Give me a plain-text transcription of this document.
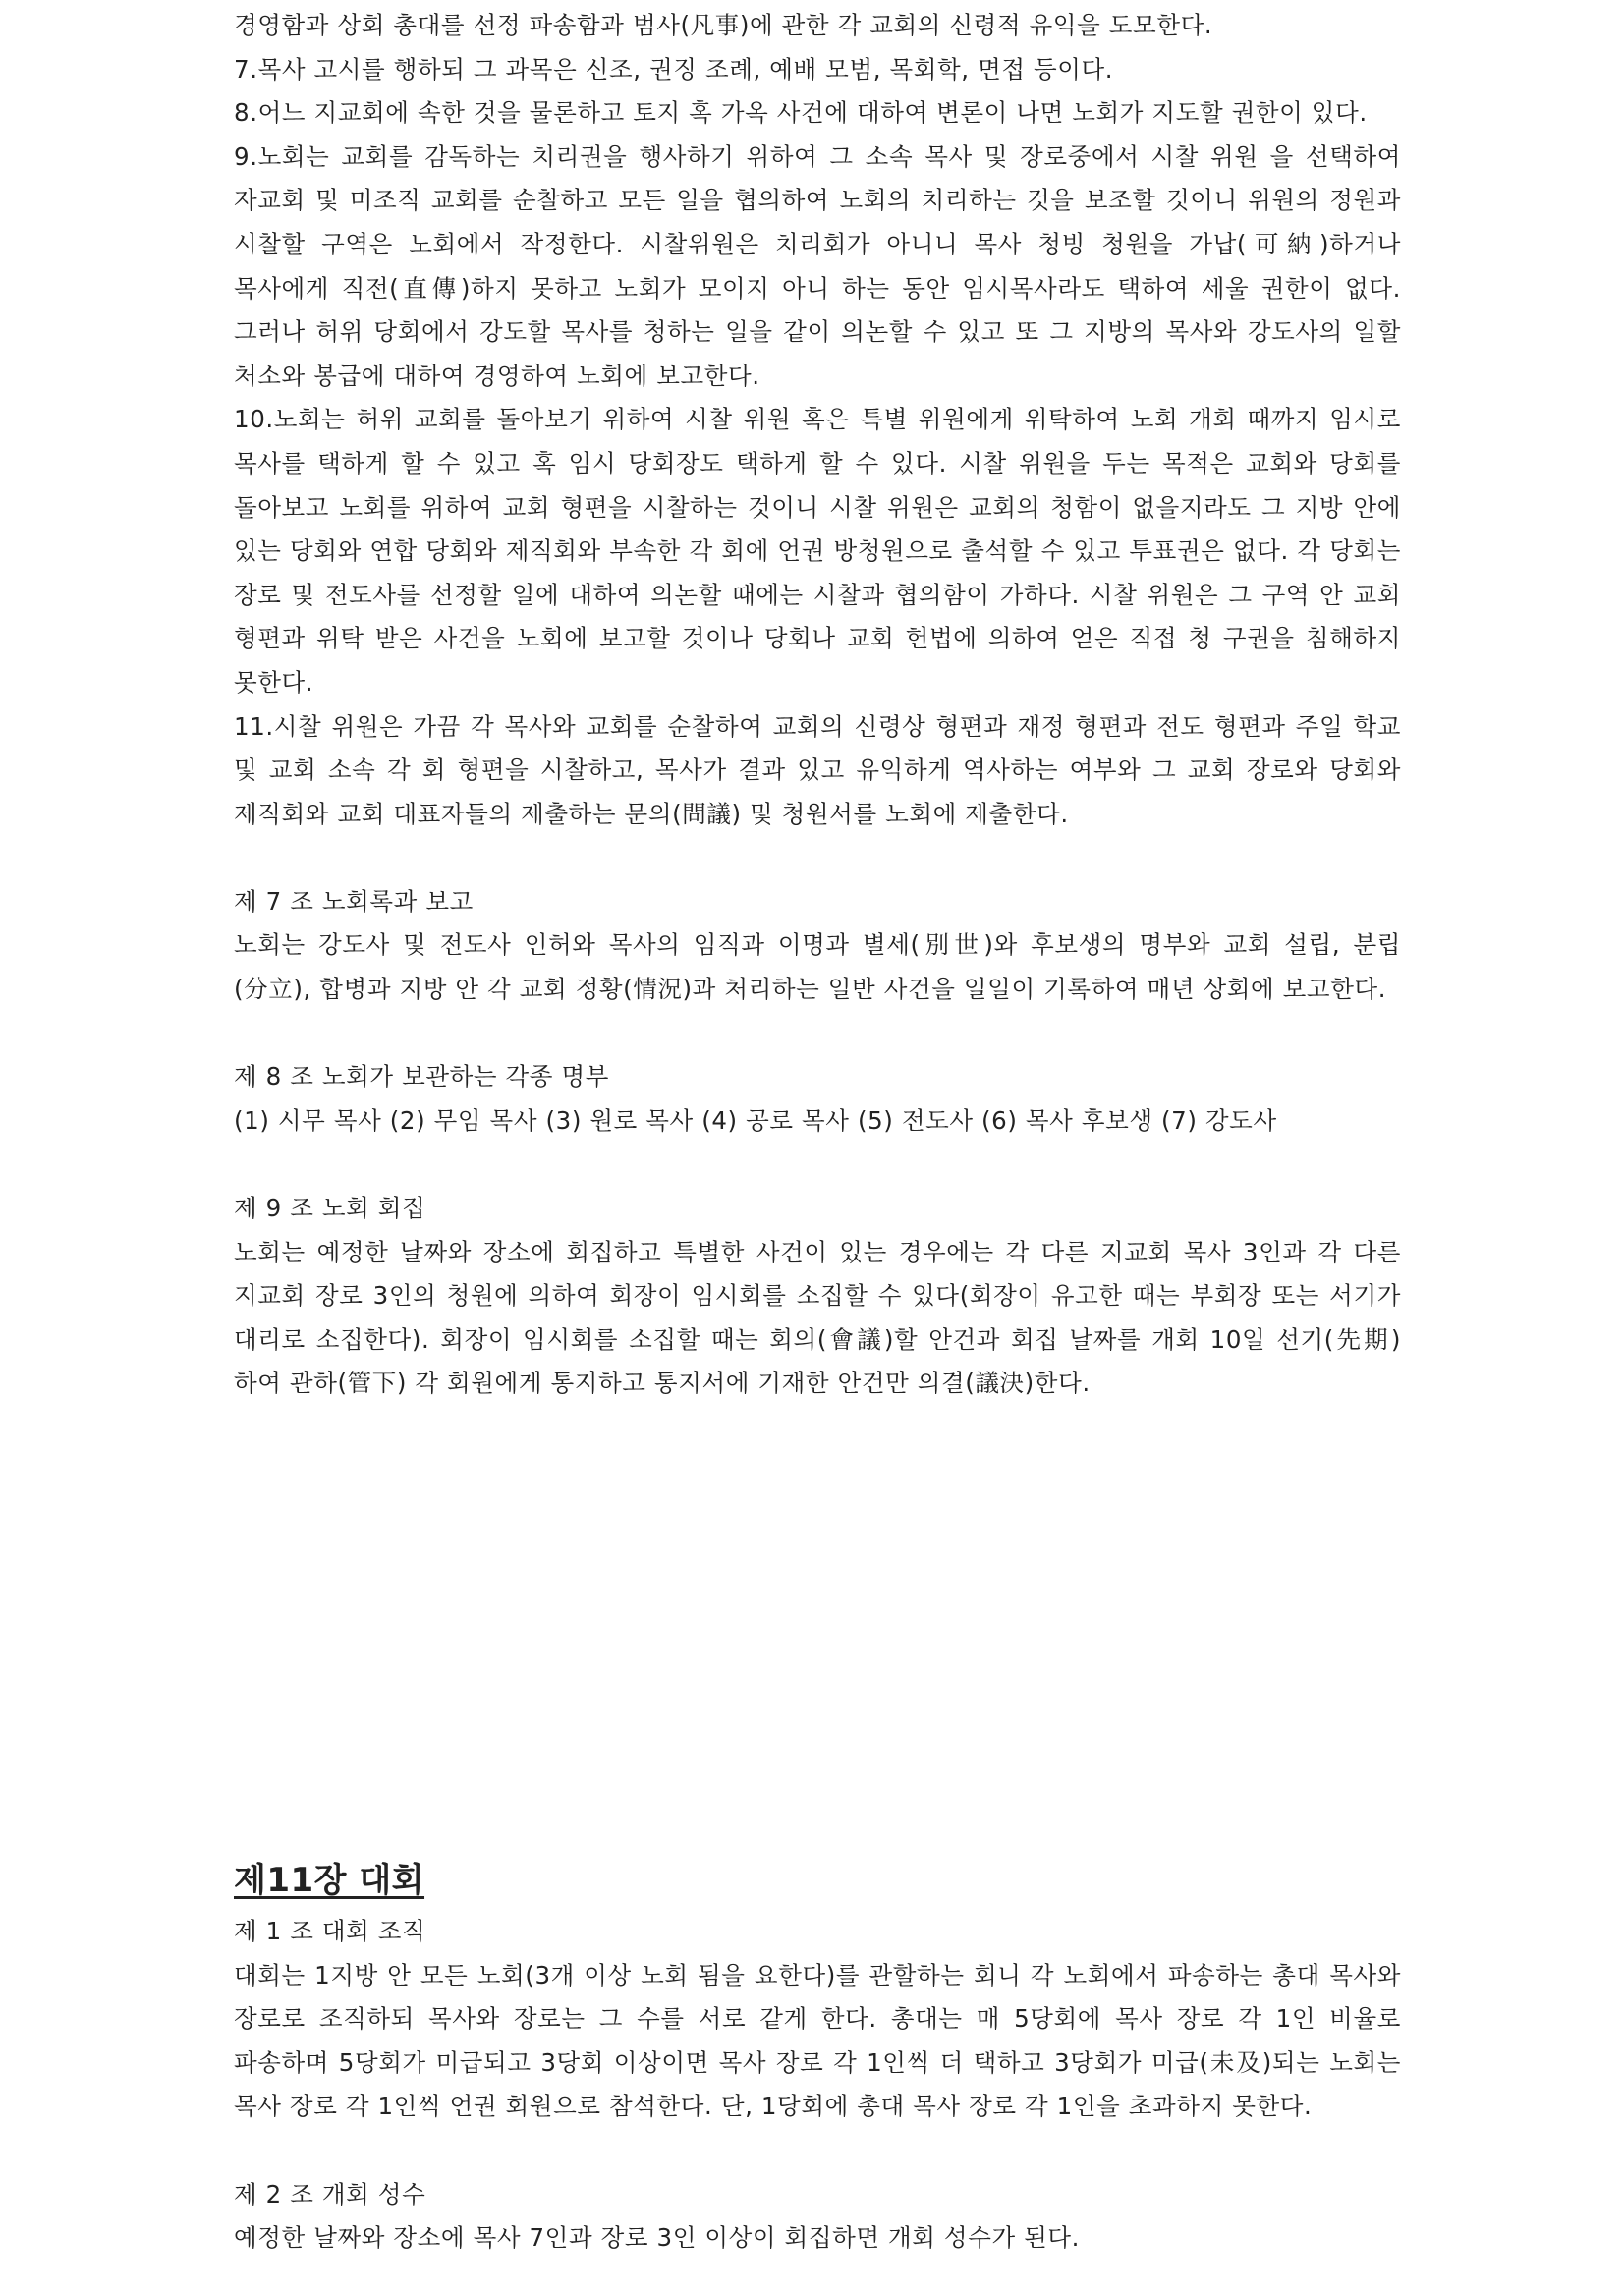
경영함과 상회 총대를 선정 파송함과 범사(凡事)에 관한 각 교회의 신령적 유익을 도모한다.

7.목사 고시를 행하되 그 과목은 신조, 권징 조례, 예배 모범, 목회학, 면접 등이다.

8.어느 지교회에 속한 것을 물론하고 토지 혹 가옥 사건에 대하여 변론이 나면 노회가 지도할 권한이 있다.

9.노회는 교회를 감독하는 치리권을 행사하기 위하여 그 소속 목사 및 장로중에서 시찰 위원 을 선택하여 자교회 및 미조직 교회를 순찰하고 모든 일을 협의하여 노회의 치리하는 것을 보조할 것이니 위원의 정원과 시찰할 구역은 노회에서 작정한다. 시찰위원은 치리회가 아니니 목사 청빙 청원을 가납(可納)하거나 목사에게 직전(直傳)하지 못하고 노회가 모이지 아니 하는 동안 임시목사라도 택하여 세울 권한이 없다. 그러나 허위 당회에서 강도할 목사를 청하는 일을 같이 의논할 수 있고 또 그 지방의 목사와 강도사의 일할 처소와 봉급에 대하여 경영하여 노회에 보고한다.

10.노회는 허위 교회를 돌아보기 위하여 시찰 위원 혹은 특별 위원에게 위탁하여 노회 개회 때까지 임시로 목사를 택하게 할 수 있고 혹 임시 당회장도 택하게 할 수 있다. 시찰 위원을 두는 목적은 교회와 당회를 돌아보고 노회를 위하여 교회 형편을 시찰하는 것이니 시찰 위원은 교회의 청함이 없을지라도 그 지방 안에 있는 당회와 연합 당회와 제직회와 부속한 각 회에 언권 방청원으로 출석할 수 있고 투표권은 없다. 각 당회는 장로 및 전도사를 선정할 일에 대하여 의논할 때에는 시찰과 협의함이 가하다. 시찰 위원은 그 구역 안 교회 형편과 위탁 받은 사건을 노회에 보고할 것이나 당회나 교회 헌법에 의하여 얻은 직접 청 구권을 침해하지 못한다.

11.시찰 위원은 가끔 각 목사와 교회를 순찰하여 교회의 신령상 형편과 재정 형편과 전도 형편과 주일 학교 및 교회 소속 각 회 형편을 시찰하고, 목사가 결과 있고 유익하게 역사하는 여부와 그 교회 장로와 당회와 제직회와 교회 대표자들의 제출하는 문의(問議) 및 청원서를 노회에 제출한다.

제 7 조 노회록과 보고

노회는 강도사 및 전도사 인허와 목사의 임직과 이명과 별세(別世)와 후보생의 명부와 교회 설립, 분립(分立), 합병과 지방 안 각 교회 정황(情況)과 처리하는 일반 사건을 일일이 기록하여 매년 상회에 보고한다.

제 8 조 노회가 보관하는 각종 명부

(1) 시무 목사 (2) 무임 목사 (3) 원로 목사 (4) 공로 목사 (5) 전도사 (6) 목사 후보생 (7) 강도사

제 9 조 노회 회집

노회는 예정한 날짜와 장소에 회집하고 특별한 사건이 있는 경우에는 각 다른 지교회 목사 3인과 각 다른 지교회 장로 3인의 청원에 의하여 회장이 임시회를 소집할 수 있다(회장이 유고한 때는 부회장 또는 서기가 대리로 소집한다). 회장이 임시회를 소집할 때는 회의(會議)할 안건과 회집 날짜를 개회 10일 선기(先期)하여 관하(管下) 각 회원에게 통지하고 통지서에 기재한 안건만 의결(議決)한다.

제11장 대회

제 1 조 대회 조직

대회는 1지방 안 모든 노회(3개 이상 노회 됨을 요한다)를 관할하는 회니 각 노회에서 파송하는 총대 목사와 장로로 조직하되 목사와 장로는 그 수를 서로 같게 한다. 총대는 매 5당회에 목사 장로 각 1인 비율로 파송하며 5당회가 미급되고 3당회 이상이면 목사 장로 각 1인씩 더 택하고 3당회가 미급(未及)되는 노회는 목사 장로 각 1인씩 언권 회원으로 참석한다. 단, 1당회에 총대 목사 장로 각 1인을 초과하지 못한다.

제 2 조 개회 성수

예정한 날짜와 장소에 목사 7인과 장로 3인 이상이 회집하면 개회 성수가 된다.
